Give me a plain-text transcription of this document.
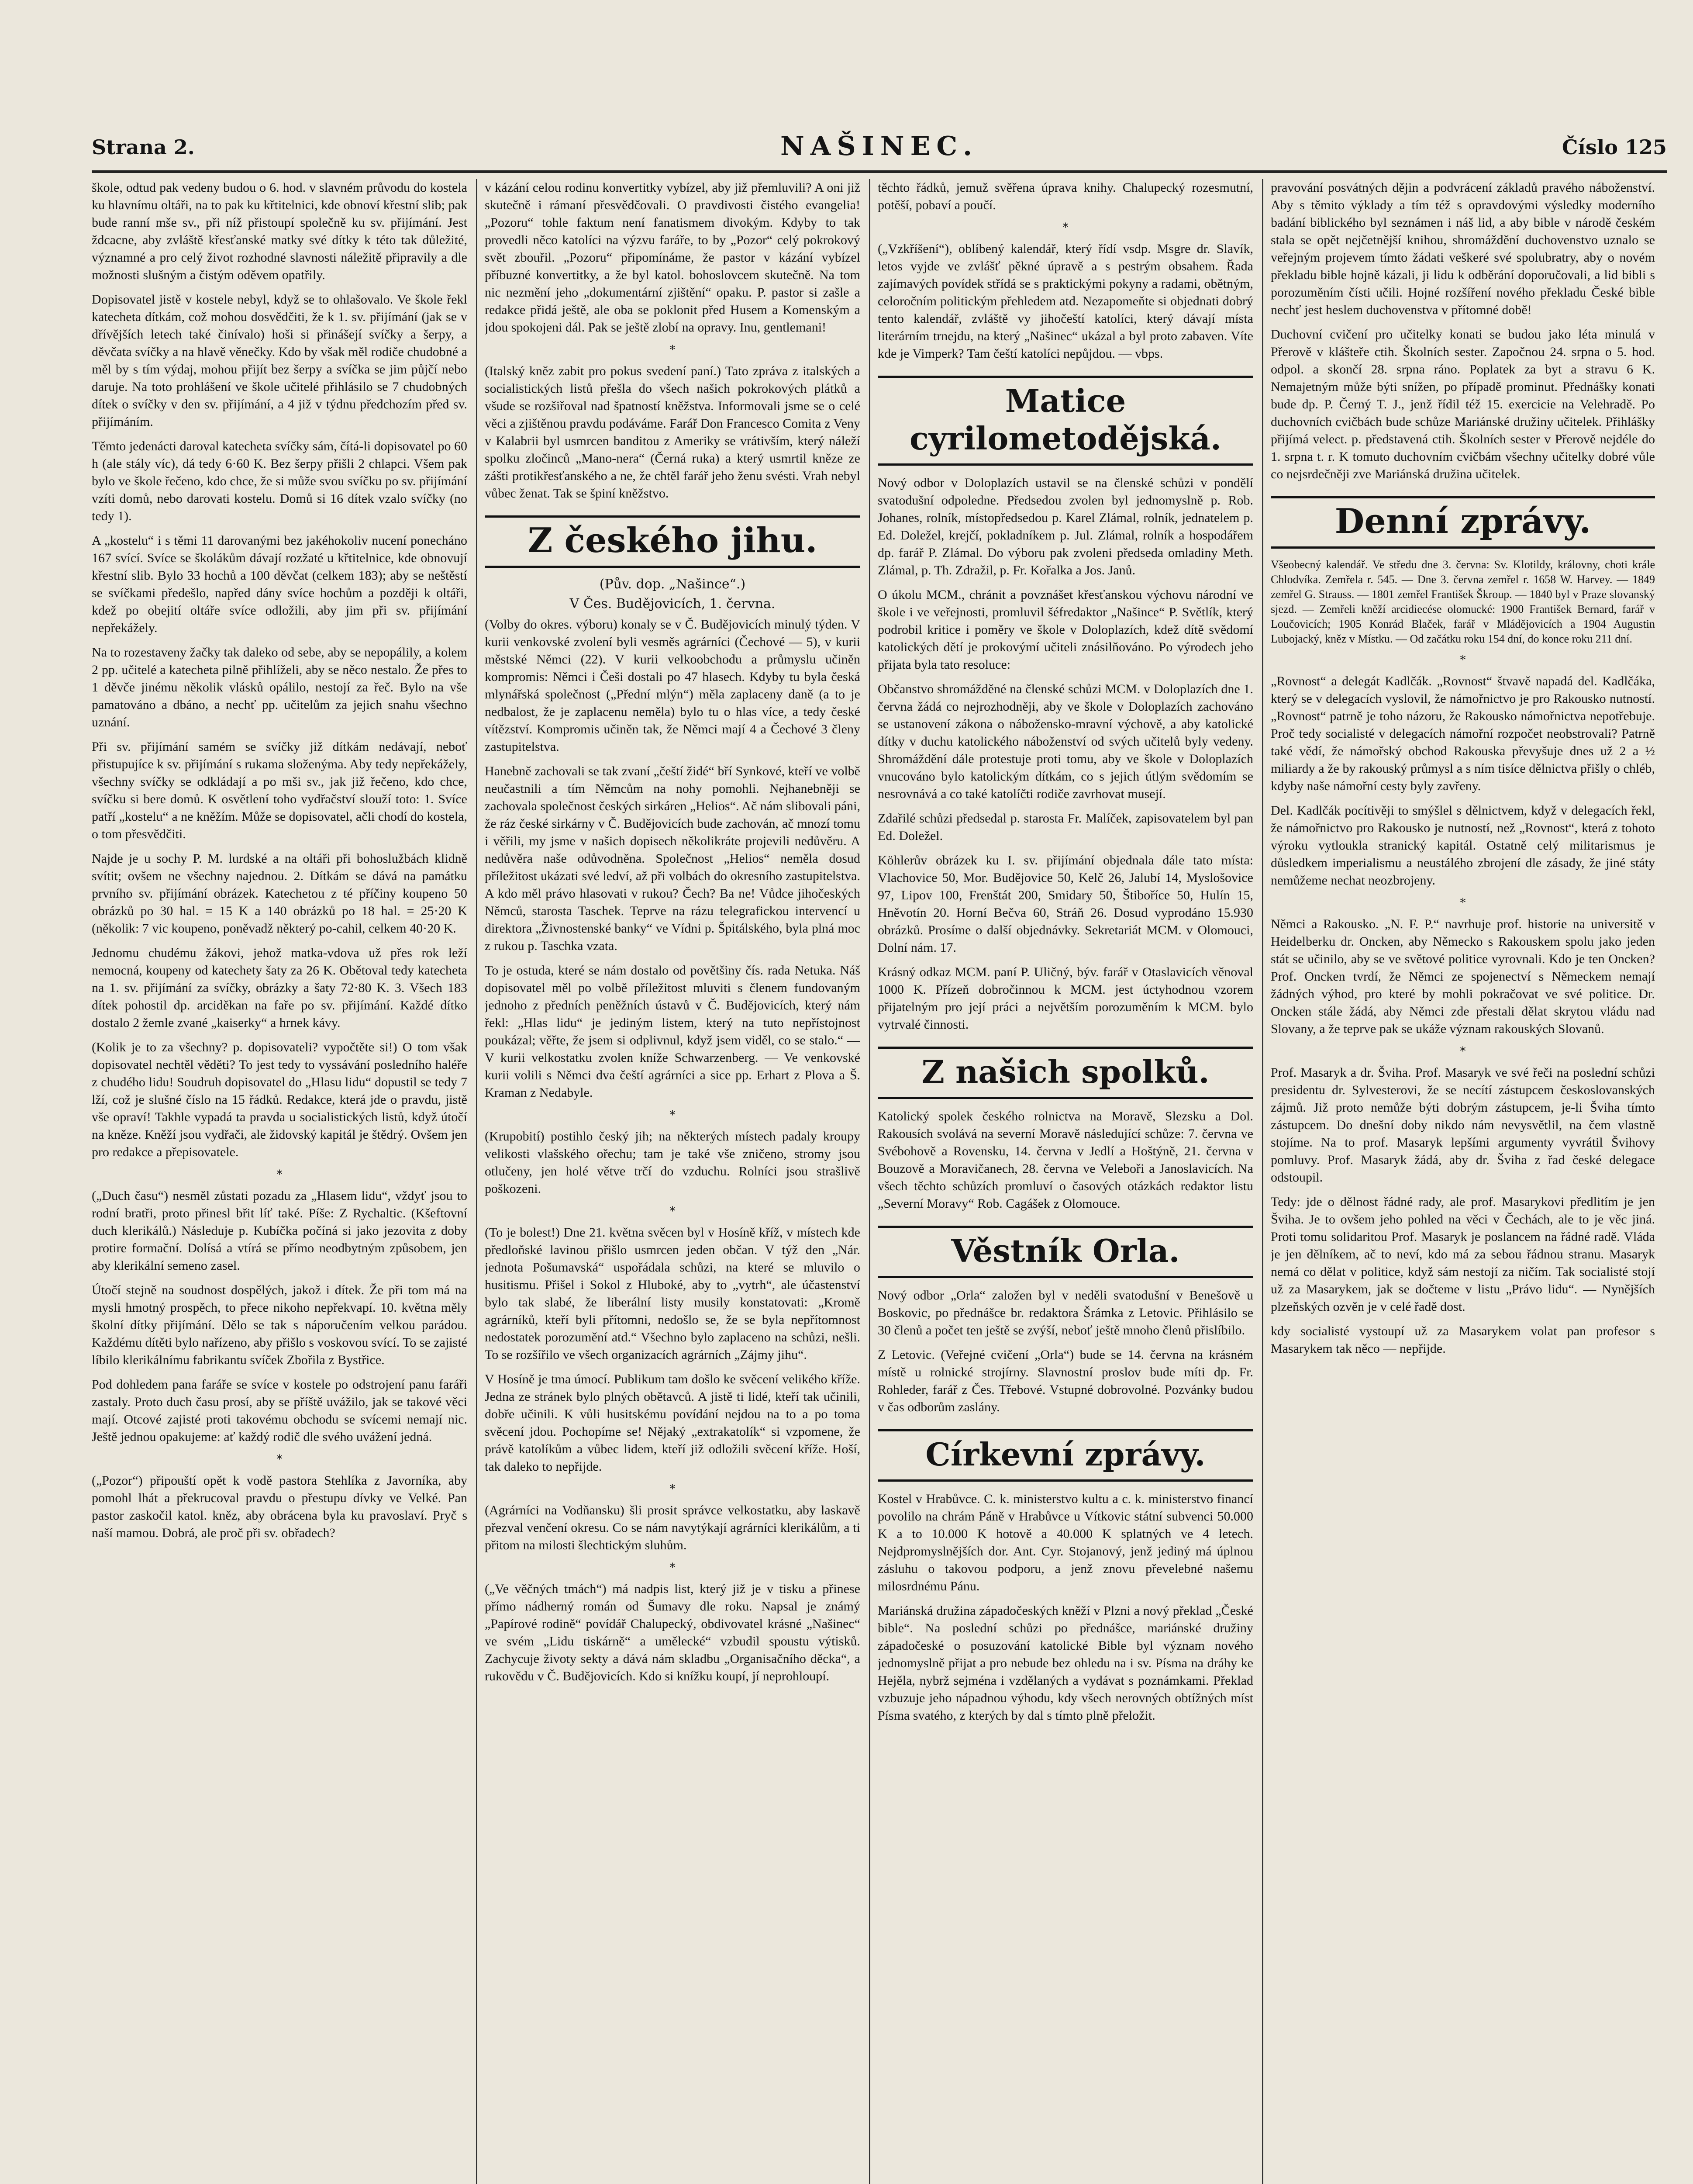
Strana 2.	NAŠINEC.	Číslo 125

škole, odtud pak vedeny budou o 6. hod. v slavném průvodu do kostela ku hlavnímu oltáři, na to pak ku křtitelnici, kde obnoví křestní slib; pak bude ranní mše sv., při níž přistoupí společně ku sv. přijímání. Jest ždcacne, aby zvláště křesťanské matky své dítky k této tak důležité, významné a pro celý život rozhodné slavnosti náležitě připravily a dle možnosti slušným a čistým oděvem opatřily.

Dopisovatel jistě v kostele nebyl, když se to ohlašovalo. Ve škole řekl katecheta dítkám, což mohou dosvědčiti, že k 1. sv. přijímání (jak se v dřívějších letech také činívalo) hoši si přinášejí svíčky a šerpy, a děvčata svíčky a na hlavě věnečky. Kdo by však měl rodiče chudobné a měl by s tím výdaj, mohou přijít bez šerpy a svíčka se jim půjčí nebo daruje. Na toto prohlášení ve škole učitelé přihlásilo se 7 chudobných dítek o svíčky v den sv. přijímání, a 4 již v týdnu předchozím před sv. přijímáním.

Těmto jedenácti daroval katecheta svíčky sám, čítá-li dopisovatel po 60 h (ale stály víc), dá tedy 6·60 K. Bez šerpy přišli 2 chlapci. Všem pak bylo ve škole řečeno, kdo chce, že si může svou svíčku po sv. přijímání vzíti domů, nebo darovati kostelu. Domů si 16 dítek vzalo svíčky (no tedy 1).

A „kostelu“ i s těmi 11 darovanými bez jakéhokoliv nucení ponecháno 167 svící. Svíce se školákům dávají rozžaté u křtitelnice, kde obnovují křestní slib. Bylo 33 hochů a 100 děvčat (celkem 183); aby se neštěstí se svíčkami předešlo, napřed dány svíce hochům a později k oltáři, kdež po obejití oltáře svíce odložili, aby jim při sv. přijímání nepřekážely.

Na to rozestaveny žačky tak daleko od sebe, aby se nepopálily, a kolem 2 pp. učitelé a katecheta pilně přihlíželi, aby se něco nestalo. Že přes to 1 děvče jinému několik vlásků opálilo, nestojí za řeč. Bylo na vše pamatováno a dbáno, a nechť pp. učitelům za jejich snahu všechno uznání.

Při sv. přijímání samém se svíčky již dítkám nedávají, neboť přistupujíce k sv. přijímání s rukama složenýma. Aby tedy nepřekážely, všechny svíčky se odkládají a po mši sv., jak již řečeno, kdo chce, svíčku si bere domů. K osvětlení toho vydřačství slouží toto: 1. Svíce patří „kostelu“ a ne kněžím. Může se dopisovatel, ačli chodí do kostela, o tom přesvědčiti.

Najde je u sochy P. M. lurdské a na oltáři při bohoslužbách klidně svítit; ovšem ne všechny najednou. 2. Dítkám se dává na památku prvního sv. přijímání obrázek. Katechetou z té příčiny koupeno 50 obrázků po 30 hal. = 15 K a 140 obrázků po 18 hal. = 25·20 K (několik: 7 vic koupeno, poněvadž některý po-cahil, celkem 40·20 K.

Jednomu chudému žákovi, jehož matka-vdova už přes rok leží nemocná, koupeny od katechety šaty za 26 K. Obětoval tedy katecheta na 1. sv. přijímání za svíčky, obrázky a šaty 72·80 K. 3. Všech 183 dítek pohostil dp. arciděkan na faře po sv. přijímání. Každé dítko dostalo 2 žemle zvané „kaiserky“ a hrnek kávy.

(Kolik je to za všechny? p. dopisovateli? vypočtěte si!) O tom však dopisovatel nechtěl věděti? To jest tedy to vyssávání posledního haléře z chudého lidu! Soudruh dopisovatel do „Hlasu lidu“ dopustil se tedy 7 lží, což je slušné číslo na 15 řádků. Redakce, která jde o pravdu, jistě vše opraví! Takhle vypadá ta pravda u socialistických listů, když útočí na kněze. Kněží jsou vydřači, ale židovský kapitál je štědrý. Ovšem jen pro redakce a přepisovatele.

*

(„Duch času“) nesměl zůstati pozadu za „Hlasem lidu“, vždyť jsou to rodní bratři, proto přinesl břit líť také. Píše: Z Rychaltic. (Kšeftovní duch klerikálů.) Následuje p. Kubíčka počíná si jako jezovita z doby protire formační. Dolísá a vtírá se přímo neodbytným způsobem, jen aby klerikální semeno zasel.

Útočí stejně na soudnost dospělých, jakož i dítek. Že při tom má na mysli hmotný prospěch, to přece nikoho nepřekvapí. 10. května měly školní dítky přijímání. Dělo se tak s náporučením velkou parádou. Každému dítěti bylo nařízeno, aby přišlo s voskovou svící. To se zajisté líbilo klerikálnímu fabrikantu svíček Zbořila z Bystřice.

Pod dohledem pana faráře se svíce v kostele po odstrojení panu faráři zastaly. Proto duch času prosí, aby se příště uvážilo, jak se takové věci mají. Otcové zajisté proti takovému obchodu se svícemi nemají nic. Ještě jednou opakujeme: ať každý rodič dle svého uvážení jedná.

*

(„Pozor“) připouští opět k vodě pastora Stehlíka z Javorníka, aby pomohl lhát a překrucoval pravdu o přestupu dívky ve Velké. Pan pastor zaskočil katol. kněz, aby obrácena byla ku pravoslaví. Pryč s naší mamou. Dobrá, ale proč při sv. obřadech?

v kázání celou rodinu konvertitky vybízel, aby již přemluvili? A oni již skutečně i rámaní přesvědčovali. O pravdivosti čistého evangelia! „Pozoru“ tohle faktum není fanatismem divokým. Kdyby to tak provedli něco katolíci na výzvu faráře, to by „Pozor“ celý pokrokový svět zbouřil. „Pozoru“ připomínáme, že pastor v kázání vybízel příbuzné konvertitky, a že byl katol. bohoslovcem skutečně. Na tom nic nezmění jeho „dokumentární zjištění“ opaku. P. pastor si zašle a redakce přidá ještě, ale oba se poklonit před Husem a Komenským a jdou spokojeni dál. Pak se ještě zlobí na opravy. Inu, gentlemani!

*

(Italský kněz zabit pro pokus svedení paní.) Tato zpráva z italských a socialistických listů přešla do všech našich pokrokových plátků a všude se rozšiřoval nad špatností kněžstva. Informovali jsme se o celé věci a zjištěnou pravdu podáváme. Farář Don Francesco Comita z Veny v Kalabrii byl usmrcen banditou z Ameriky se vrátivším, který náleží spolku zločinců „Mano-nera“ (Černá ruka) a který usmrtil kněze ze zášti protikřesťanského a ne, že chtěl farář jeho ženu svésti. Vrah nebyl vůbec ženat. Tak se špiní kněžstvo.

Z českého jihu.
(Pův. dop. „Našince“.)
V Čes. Budějovicích, 1. června.

(Volby do okres. výboru) konaly se v Č. Budějovicích minulý týden. V kurii venkovské zvolení byli vesměs agrárníci (Čechové — 5), v kurii městské Němci (22). V kurii velkoobchodu a průmyslu učiněn kompromis: Němci i Češi dostali po 47 hlasech. Kdyby tu byla česká mlynářská společnost („Přední mlýn“) měla zaplaceny daně (a to je nedbalost, že je zaplacenu neměla) bylo tu o hlas více, a tedy české vítězství. Kompromis učiněn tak, že Němci mají 4 a Čechové 3 členy zastupitelstva.

Hanebně zachovali se tak zvaní „čeští židé“ bří Synkové, kteří ve volbě neučastnili a tím Němcům na nohy pomohli. Nejhanebněji se zachovala společnost českých sirkáren „Helios“. Ač nám slibovali páni, že ráz české sirkárny v Č. Budějovicích bude zachován, ač mnozí tomu i věřili, my jsme v našich dopisech několikráte projevili nedůvěru. A nedůvěra naše odůvodněna. Společnost „Helios“ neměla dosud příležitost ukázati své ledví, až při volbách do okresního zastupitelstva. A kdo měl právo hlasovati v rukou? Čech? Ba ne! Vůdce jihočeských Němců, starosta Taschek. Teprve na rázu telegrafickou intervencí u direktora „Živnostenské banky“ ve Vídni p. Špitálského, byla plná moc z rukou p. Taschka vzata.

To je ostuda, které se nám dostalo od povětšiny čís. rada Netuka. Náš dopisovatel měl po volbě příležitost mluviti s členem fundovaným jednoho z předních peněžních ústavů v Č. Budějovicích, který nám řekl: „Hlas lidu“ je jediným listem, který na tuto nepřístojnost poukázal; věřte, že jsem si odplivnul, když jsem viděl, co se stalo.“ — V kurii velkostatku zvolen kníže Schwarzenberg. — Ve venkovské kurii volili s Němci dva čeští agrárníci a sice pp. Erhart z Plova a Š. Kraman z Nedabyle.

*

(Krupobití) postihlo český jih; na některých místech padaly kroupy velikosti vlašského ořechu; tam je také vše zničeno, stromy jsou otlučeny, jen holé větve trčí do vzduchu. Rolníci jsou strašlivě poškozeni.

*

(To je bolest!) Dne 21. května svěcen byl v Hosíně kříž, v místech kde předloňské lavinou přišlo usmrcen jeden občan. V týž den „Nár. jednota Pošumavská“ uspořádala schůzi, na které se mluvilo o husitismu. Přišel i Sokol z Hluboké, aby to „vytrh“, ale účastenství bylo tak slabé, že liberální listy musily konstatovati: „Kromě agrárníků, kteří byli přítomni, nedošlo se, že se byla nepřítomnost nedostatek porozumění atd.“ Všechno bylo zaplaceno na schůzi, nešli. To se rozšířilo ve všech organizacích agrárních „Zájmy jihu“.

V Hosíně je tma úmocí. Publikum tam došlo ke svěcení velikého kříže. Jedna ze stránek bylo plných obětavců. A jistě ti lidé, kteří tak učinili, dobře učinili. K vůli husitskému povídání nejdou na to a po toma svěcení jdou. Pochopíme se! Nějaký „extrakatolík“ si vzpomene, že právě katolíkům a vůbec lidem, kteří již odložili svěcení kříže. Hoší, tak daleko to nepřijde.

*

(Agrárníci na Vodňansku) šli prosit správce velkostatku, aby laskavě přezval venčení okresu. Co se nám navytýkají agrárníci klerikálům, a ti přitom na milosti šlechtickým sluhům.

*

(„Ve věčných tmách“) má nadpis list, který již je v tisku a přinese přímo nádherný román od Šumavy dle roku. Napsal je známý „Papírové rodině“ povídář Chalupecký, obdivovatel krásné „Našinec“ ve svém „Lidu tiskárně“ a umělecké“ vzbudil spoustu výtisků. Zachycuje životy sekty a dává nám skladbu „Organisačního děcka“, a rukovědu v Č. Budějovicích. Kdo si knížku koupí, jí neprohloupí.

těchto řádků, jemuž svěřena úprava knihy. Chalupecký rozesmutní, potěší, pobaví a poučí.

*

(„Vzkříšení“), oblíbený kalendář, který řídí vsdp. Msgre dr. Slavík, letos vyjde ve zvlášť pěkné úpravě a s pestrým obsahem. Řada zajímavých povídek střídá se s praktickými pokyny a radami, obětným, celoročním politickým přehledem atd. Nezapomeňte si objednati dobrý tento kalendář, zvláště vy jihočeští katolíci, který dávají místa literárním trnejdu, na který „Našinec“ ukázal a byl proto zabaven. Víte kde je Vimperk? Tam čeští katolíci nepůjdou. — vbps.

Matice cyrilometodějská.

Nový odbor v Doloplazích ustavil se na členské schůzi v pondělí svatodušní odpoledne. Předsedou zvolen byl jednomyslně p. Rob. Johanes, rolník, místopředsedou p. Karel Zlámal, rolník, jednatelem p. Ed. Doležel, krejčí, pokladníkem p. Jul. Zlámal, rolník a hospodářem dp. farář P. Zlámal. Do výboru pak zvoleni předseda omladiny Meth. Zlámal, p. Th. Zdražil, p. Fr. Kořalka a Jos. Janů.

O úkolu MCM., chránit a povznášet křesťanskou výchovu národní ve škole i ve veřejnosti, promluvil šéfredaktor „Našince“ P. Světlík, který podrobil kritice i poměry ve škole v Doloplazích, kdež dítě svědomí katolických dětí je prokovýmí učiteli znásilňováno. Po výrodech jeho přijata byla tato resoluce:

Občanstvo shromážděné na členské schůzi MCM. v Doloplazích dne 1. června žádá co nejrozhodněji, aby ve škole v Doloplazích zachováno se ustanovení zákona o nábožensko-mravní výchově, a aby katolické dítky v duchu katolického náboženství od svých učitelů byly vedeny. Shromáždění dále protestuje proti tomu, aby ve škole v Doloplazích vnucováno bylo katolickým dítkám, co s jejich útlým svědomím se nesrovnává a co také katolíčti rodiče zavrhovat musejí.

Zdařilé schůzi předsedal p. starosta Fr. Malíček, zapisovatelem byl pan Ed. Doležel.

Köhlerův obrázek ku I. sv. přijímání objednala dále tato místa: Vlachovice 50, Mor. Budějovice 50, Kelč 26, Jalubí 14, Myslošovice 97, Lipov 100, Frenštát 200, Smidary 50, Štiboříce 50, Hulín 15, Hněvotín 20. Horní Bečva 60, Stráň 26. Dosud vyprodáno 15.930 obrázků. Prosíme o další objednávky. Sekretariát MCM. v Olomouci, Dolní nám. 17.

Krásný odkaz MCM. paní P. Uličný, býv. farář v Otaslavicích věnoval 1000 K. Přízeň dobročinnou k MCM. jest úctyhodnou vzorem přijatelným pro její práci a největším porozuměním k MCM. bylo vytrvalé činnosti.

Z našich spolků.

Katolický spolek českého rolnictva na Moravě, Slezsku a Dol. Rakousích svolává na severní Moravě následující schůze: 7. června ve Svébohově a Rovensku, 14. června v Jedlí a Hoštýně, 21. června v Bouzově a Moravičanech, 28. června ve Veleboři a Janoslavicích. Na všech těchto schůzích promluví o časových otázkách redaktor listu „Severní Moravy“ Rob. Cagášek z Olomouce.

Věstník Orla.

Nový odbor „Orla“ založen byl v neděli svatodušní v Benešově u Boskovic, po přednášce br. redaktora Šrámka z Letovic. Přihlásilo se 30 členů a počet ten ještě se zvýší, neboť ještě mnoho členů přislíbilo.

Z Letovic. (Veřejné cvičení „Orla“) bude se 14. června na krásném místě u rolnické strojírny. Slavnostní proslov bude míti dp. Fr. Rohleder, farář z Čes. Třebové. Vstupné dobrovolné. Pozvánky budou v čas odborům zaslány.

Církevní zprávy.

Kostel v Hrabůvce. C. k. ministerstvo kultu a c. k. ministerstvo financí povolilo na chrám Páně v Hrabůvce u Vítkovic státní subvenci 50.000 K a to 10.000 K hotově a 40.000 K splatných ve 4 letech. Nejdpromyslnějších dor. Ant. Cyr. Stojanový, jenž jediný má úplnou zásluhu o takovou podporu, a jenž znovu převelebné našemu milosrdnému Pánu.

Mariánská družina západočeských kněží v Plzni a nový překlad „České bible“. Na poslední schůzi po přednášce, mariánské družiny západočeské o posuzování katolické Bible byl význam nového jednomyslně přijat a pro nebude bez ohledu na i sv. Písma na dráhy ke Hejěla, nybrž sejména i vzdělaných a vydávat s poznámkami. Překlad vzbuzuje jeho nápadnou výhodu, kdy všech nerovných obtížných míst Písma svatého, z kterých by dal s tímto plně přeložit.

pravování posvátných dějin a podvrácení základů pravého náboženství. Aby s těmito výklady a tím též s opravdovými výsledky moderního badání biblického byl seznámen i náš lid, a aby bible v národě českém stala se opět nejčetnější knihou, shromáždění duchovenstvo uznalo se veřejným projevem tímto žádati veškeré své spolubratry, aby o novém překladu bible hojně kázali, ji lidu k odběrání doporučovali, a lid bibli s porozuměním čísti učili. Hojné rozšíření nového překladu České bible nechť jest heslem duchovenstva v přítomné době!

Duchovní cvičení pro učitelky konati se budou jako léta minulá v Přerově v klášteře ctih. Školních sester. Započnou 24. srpna o 5. hod. odpol. a skončí 28. srpna ráno. Poplatek za byt a stravu 6 K. Nemajetným může býti snížen, po případě prominut. Přednášky konati bude dp. P. Černý T. J., jenž řídil též 15. exercicie na Velehradě. Po duchovních cvičbách bude schůze Mariánské družiny učitelek. Přihlášky přijímá velect. p. představená ctih. Školních sester v Přerově nejdéle do 1. srpna t. r. K tomuto duchovním cvičbám všechny učitelky dobré vůle co nejsrdečněji zve Mariánská družina učitelek.

Denní zprávy.

Všeobecný kalendář. Ve středu dne 3. června: Sv. Klotildy, královny, choti krále Chlodvíka. Zemřela r. 545. — Dne 3. června zemřel r. 1658 W. Harvey. — 1849 zemřel G. Strauss. — 1801 zemřel František Škroup. — 1840 byl v Praze slovanský sjezd. — Zemřeli kněží arcidiecése olomucké: 1900 František Bernard, farář v Loučovicích; 1905 Konrád Blaček, farář v Mládějovicích a 1904 Augustin Lubojacký, kněz v Místku. — Od začátku roku 154 dní, do konce roku 211 dní.

*

„Rovnost“ a delegát Kadlčák. „Rovnost“ štvavě napadá del. Kadlčáka, který se v delegacích vyslovil, že námořnictvo je pro Rakousko nutností. „Rovnost“ patrně je toho názoru, že Rakousko námořnictva nepotřebuje. Proč tedy socialisté v delegacích námořní rozpočet neobstrovali? Patrně také vědí, že námořský obchod Rakouska převyšuje dnes už 2 a ½ miliardy a že by rakouský průmysl a s ním tisíce dělnictva přišly o chléb, kdyby naše námořní cesty byly zavřeny.

Del. Kadlčák pocítivěji to smýšlel s dělnictvem, když v delegacích řekl, že námořnictvo pro Rakousko je nutností, než „Rovnost“, která z tohoto výroku vytloukla stranický kapitál. Ostatně celý militarismus je důsledkem imperialismu a neustálého zbrojení dle zásady, že jiné státy nemůžeme nechat neozbrojeny.

*

Němci a Rakousko. „N. F. P.“ navrhuje prof. historie na universitě v Heidelberku dr. Oncken, aby Německo s Rakouskem spolu jako jeden stát se učinilo, aby se ve světové politice vyrovnali. Kdo je ten Oncken? Prof. Oncken tvrdí, že Němci ze spojenectví s Německem nemají žádných výhod, pro které by mohli pokračovat ve své politice. Dr. Oncken stále žádá, aby Němci zde přestali dělat skrytou vládu nad Slovany, a že teprve pak se ukáže význam rakouských Slovanů.

*

Prof. Masaryk a dr. Šviha. Prof. Masaryk ve své řeči na poslední schůzi presidentu dr. Sylvesterovi, že se necítí zástupcem českoslovanských zájmů. Již proto nemůže býti dobrým zástupcem, je-li Šviha tímto zástupcem. Do dnešní doby nikdo nám nevysvětlil, na čem vlastně stojíme. Na to prof. Masaryk lepšími argumenty vyvrátil Švihovy pomluvy. Prof. Masaryk žádá, aby dr. Šviha z řad české delegace odstoupil.

Tedy: jde o dělnost řádné rady, ale prof. Masarykovi předlitím je jen Šviha. Je to ovšem jeho pohled na věci v Čechách, ale to je věc jiná. Proti tomu solidaritou Prof. Masaryk je poslancem na řádné radě. Vláda je jen dělníkem, ač to neví, kdo má za sebou řádnou stranu. Masaryk nemá co dělat v politice, když sám nestojí za ničím. Tak socialisté stojí už za Masarykem, jak se dočteme v listu „Právo lidu“. — Nynějších plzeňských ozvěn je v celé řadě dost.

kdy socialisté vystoupí už za Masarykem volat pan profesor s Masarykem tak něco — nepřijde.
